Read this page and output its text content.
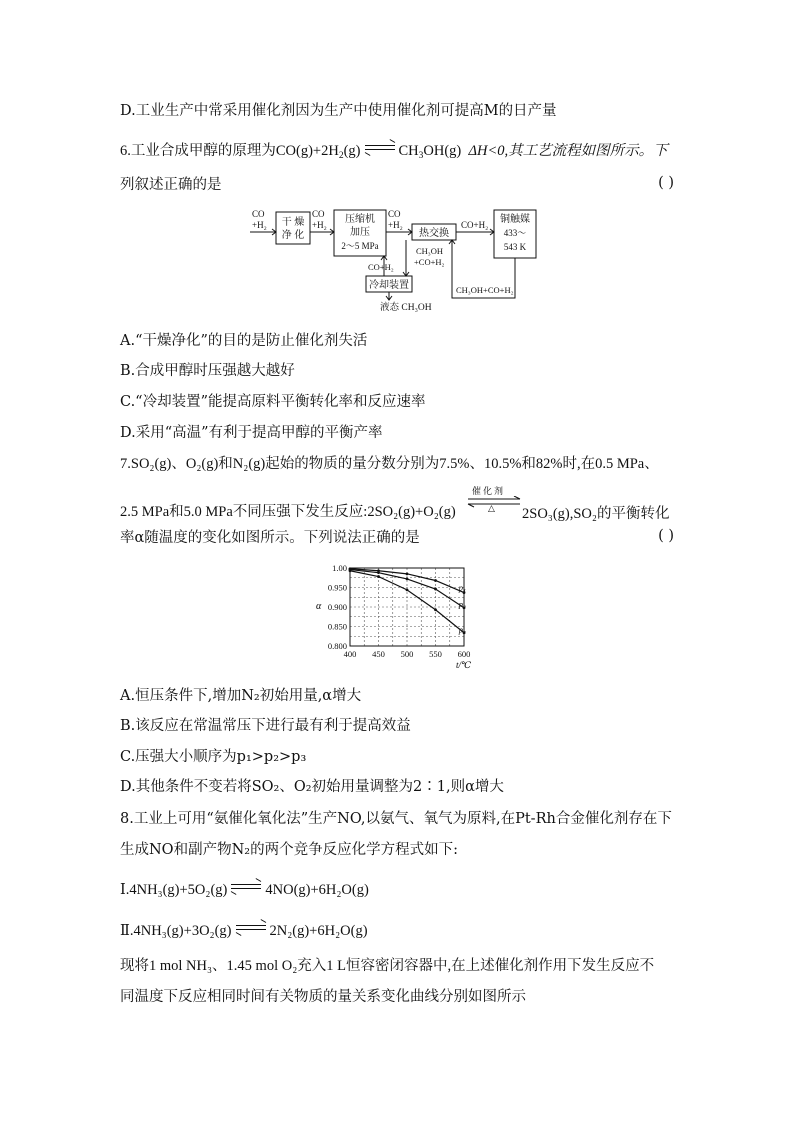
D.工业生产中常采用催化剂因为生产中使用催化剂可提高M的日产量
6.工业合成甲醇的原理为$CO(g)+2H_2(g)$	$CH_3OH(g)$ ΔH<0,其工艺流程如图所示。下
列叙述正确的是	( )
CO
+H₂ 干 燥
净 化
CO
+H₂ 压缩机
加压
2～5 MPa
CO
+H₂
热交换
CO+H₂ 铜触媒
433～
543 K
CH₃OH
+CO+H₂
CO+H₂
冷却装置
液态 CH₃OH
CH₃OH+CO+H₂
A.“干燥净化”的目的是防止催化剂失活
B.合成甲醇时压强越大越好
C.“冷却装置”能提高原料平衡转化率和反应速率
D.采用“高温”有利于提高甲醇的平衡产率
7.SO₂(g)、O₂(g)和N₂(g)起始的物质的量分数分别为7.5%、10.5%和82%时,在0.5 MPa、
2.5 MPa和5.0 MPa不同压强下发生反应:2SO₂(g)+O₂(g)
催化剂
△ 2SO₃(g),SO₂的平衡转化
率α随温度的变化如图所示。下列说法正确的是	( )
400 450 500 550 600
0.800
0.850
0.900
0.950
1.00
p₁
p₂
p₃
α
t/℃
A.恒压条件下,增加N₂初始用量,α增大
B.该反应在常温常压下进行最有利于提高效益
C.压强大小顺序为p₁>p₂>p₃
D.其他条件不变若将SO₂、O₂初始用量调整为2∶1,则α增大
8.工业上可用“氨催化氧化法”生产NO,以氨气、氧气为原料,在Pt-Rh合金催化剂存在下
生成NO和副产物N₂的两个竞争反应化学方程式如下:
Ⅰ.4NH₃(g)+5O₂(g)	4NO(g)+6H₂O(g)
Ⅱ.4NH₃(g)+3O₂(g)	2N₂(g)+6H₂O(g)
现将1 mol NH₃、1.45 mol O₂充入1 L恒容密闭容器中,在上述催化剂作用下发生反应不
同温度下反应相同时间有关物质的量关系变化曲线分别如图所示
